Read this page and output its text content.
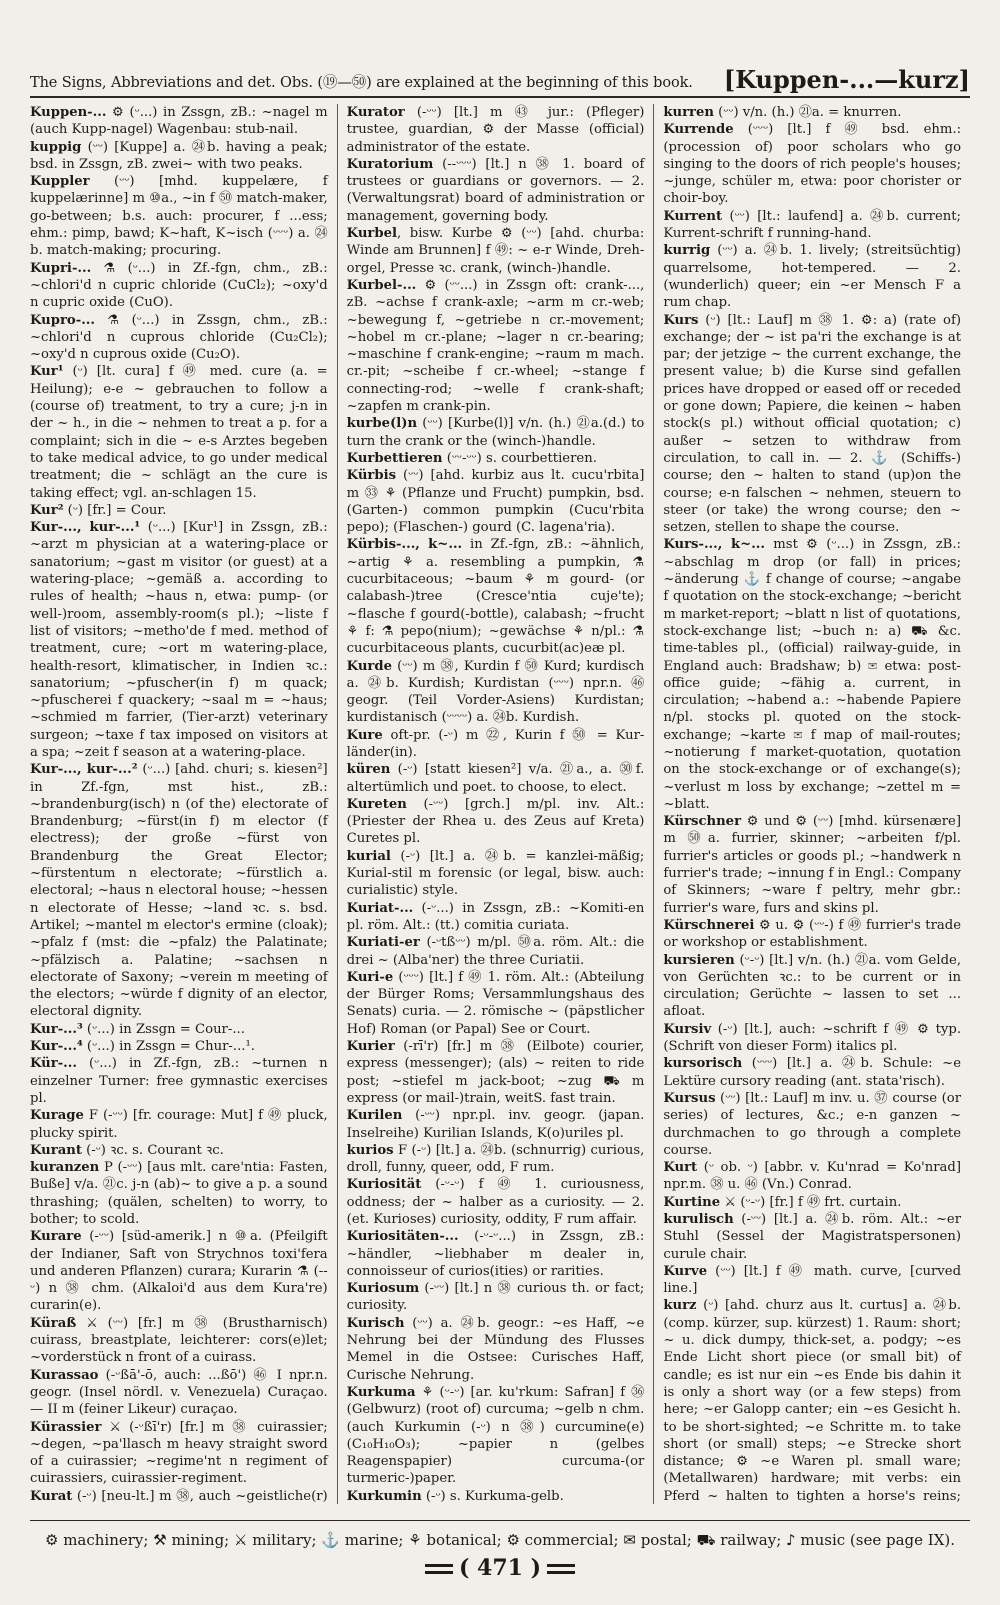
The Signs, Abbreviations and det. Obs. (⑲—㊿) are explained at the beginning of this book. [Kuppen-...—kurz]

Kuppen-... ⚙ (ᵕ...) in Zssgn, zB.: ~nagel m (auch Kupp-nagel) Wagenbau: stub-nail.

kuppig (ᵕᵕ) [Kuppe] a. ㉔b. having a peak; bsd. in Zssgn, zB. zwei~ with two peaks.

Kuppler (ᵕᵕ) [mhd. kuppelære, f kuppelærinne] m ⑩a., ~in f ㊿ match-maker, go-between; b.s. auch: procurer, f ...ess; ehm.: pimp, bawd; K~haft, K~isch (ᵕᵕᵕ) a. ㉔b. match-making; procuring.

Kupri-... ⚗ (ᵕ...) in Zf.-fgn, chm., zB.: ~chlori'd n cupric chloride (CuCl₂); ~oxy'd n cupric oxide (CuO).

Kupro-... ⚗ (ᵕ...) in Zssgn, chm., zB.: ~chlori'd n cuprous chloride (Cu₂Cl₂); ~oxy'd n cuprous oxide (Cu₂O).

Kur¹ (ᵕ) [lt. cura] f ㊾ med. cure (a. = Heilung); e-e ~ gebrauchen to follow a (course of) treatment, to try a cure; j-n in der ~ h., in die ~ nehmen to treat a p. for a complaint; sich in die ~ e-s Arztes begeben to take medical advice, to go under medical treatment; die ~ schlägt an the cure is taking effect; vgl. an-schlagen 15.

Kur² (ᵕ) [fr.] = Cour.

Kur-..., kur-...¹ (ᵕ...) [Kur¹] in Zssgn, zB.: ~arzt m physician at a watering-place or sanatorium; ~gast m visitor (or guest) at a watering-place; ~gemäß a. according to rules of health; ~haus n, etwa: pump- (or well-)room, assembly-room(s pl.); ~liste f list of visitors; ~metho'de f med. method of treatment, cure; ~ort m watering-place, health-resort, klimatischer, in Indien ꝛc.: sanatorium; ~pfuscher(in f) m quack; ~pfuscherei f quackery; ~saal m = ~haus; ~schmied m farrier, (Tier-arzt) veterinary surgeon; ~taxe f tax imposed on visitors at a spa; ~zeit f season at a watering-place.

Kur-..., kur-...² (ᵕ...) [ahd. churi; s. kiesen²] in Zf.-fgn, mst hist., zB.: ~brandenburg(isch) n (of the) electorate of Brandenburg; ~fürst(in f) m elector (f electress); der große ~fürst von Brandenburg the Great Elector; ~fürstentum n electorate; ~fürstlich a. electoral; ~haus n electoral house; ~hessen n electorate of Hesse; ~land ꝛc. s. bsd. Artikel; ~mantel m elector's ermine (cloak); ~pfalz f (mst: die ~pfalz) the Palatinate; ~pfälzisch a. Palatine; ~sachsen n electorate of Saxony; ~verein m meeting of the electors; ~würde f dignity of an elector, electoral dignity.

Kur-...³ (ᵕ...) in Zssgn = Cour-...

Kur-...⁴ (ᵕ...) in Zssgn = Chur-...¹.

Kür-... (ᵕ...) in Zf.-fgn, zB.: ~turnen n einzelner Turner: free gymnastic exercises pl.

Kurage F (-ᵕᵕ) [fr. courage: Mut] f ㊾ pluck, plucky spirit.

Kurant (-ᵕ) ꝛc. s. Courant ꝛc.

kuranzen P (-ᵕᵕ) [aus mlt. care'ntia: Fasten, Buße] v/a. ㉑c. j-n (ab)~ to give a p. a sound thrashing; (quälen, schelten) to worry, to bother; to scold.

Kurare (-ᵕᵕ) [süd-amerik.] n ⑩a. (Pfeilgift der Indianer, Saft von Strychnos toxi'fera und anderen Pflanzen) curara; Kurarin ⚗ (--ᵕ) n ㊳ chm. (Alkaloi'd aus dem Kura're) curarin(e).

Küraß ⚔ (ᵕᵕ) [fr.] m ㊳ (Brustharnisch) cuirass, breastplate, leichterer: cors(e)let; ~vorderstück n front of a cuirass.

Kurassao (-ᵕßā'-ō, auch: ...ßō') ㊻ I npr.n. geogr. (Insel nördl. v. Venezuela) Curaçao. — II m (feiner Likeur) curaçao.

Kürassier ⚔ (-ᵕßī'r) [fr.] m ㊳ cuirassier; ~degen, ~pa'llasch m heavy straight sword of a cuirassier; ~regime'nt n regiment of cuirassiers, cuirassier-regiment.

Kurat (-ᵕ) [neu-lt.] m ㊳, auch ~geistliche(r)

Kurator (-ᵕᵕ) [lt.] m ㊸ jur.: (Pfleger) trustee, guardian, ⚙ der Masse (official) administrator of the estate.

Kuratorium (--ᵕᵕᵕ) [lt.] n ㊳ 1. board of trustees or guardians or governors. — 2. (Verwaltungsrat) board of administration or management, governing body.

Kurbel, bisw. Kurbe ⚙ (ᵕᵕ) [ahd. churba: Winde am Brunnen] f ㊾: ~ e-r Winde, Dreh-orgel, Presse ꝛc. crank, (winch-)handle.

Kurbel-... ⚙ (ᵕᵕ...) in Zssgn oft: crank-..., zB. ~achse f crank-axle; ~arm m cr.-web; ~bewegung f, ~getriebe n cr.-movement; ~hobel m cr.-plane; ~lager n cr.-bearing; ~maschine f crank-engine; ~raum m mach. cr.-pit; ~scheibe f cr.-wheel; ~stange f connecting-rod; ~welle f crank-shaft; ~zapfen m crank-pin.

kurbe(l)n (ᵕᵕ) [Kurbe(l)] v/n. (h.) ㉑a.(d.) to turn the crank or the (winch-)handle.

Kurbettieren (ᵕᵕ-ᵕᵕ) s. courbettieren.

Kürbis (ᵕᵕ) [ahd. kurbiz aus lt. cucu'rbita] m ㉝ ⚘ (Pflanze und Frucht) pumpkin, bsd. (Garten-) common pumpkin (Cucu'rbita pepo); (Flaschen-) gourd (C. lagena'ria).

Kürbis-..., k~... in Zf.-fgn, zB.: ~ähnlich, ~artig ⚘ a. resembling a pumpkin, ⚗ cucurbitaceous; ~baum ⚘ m gourd- (or calabash-)tree (Cresce'ntia cuje'te); ~flasche f gourd(-bottle), calabash; ~frucht ⚘ f: ⚗ pepo(nium); ~gewächse ⚘ n/pl.: ⚗ cucurbitaceous plants, cucurbit(ac)eæ pl.

Kurde (ᵕᵕ) m ㊳, Kurdin f ㊿ Kurd; kurdisch a. ㉔b. Kurdish; Kurdistan (ᵕᵕᵕ) npr.n. ㊻ geogr. (Teil Vorder-Asiens) Kurdistan; kurdistanisch (ᵕᵕᵕᵕ) a. ㉔b. Kurdish.

Kure oft-pr. (-ᵕ) m ㉒, Kurin f ㊿ = Kur-länder(in).

küren (-ᵕ) [statt kiesen²] v/a. ㉑a., a. ㉚f. altertümlich und poet. to choose, to elect.

Kureten (-ᵕᵕ) [grch.] m/pl. inv. Alt.: (Priester der Rhea u. des Zeus auf Kreta) Curetes pl.

kurial (-ᵕ) [lt.] a. ㉔b. = kanzlei-mäßig; Kurial-stil m forensic (or legal, bisw. auch: curialistic) style.

Kuriat-... (-ᵕ...) in Zssgn, zB.: ~Komiti-en pl. röm. Alt.: (tt.) comitia curiata.

Kuriati-er (-ᵕtßᵕᵕ) m/pl. ㊿a. röm. Alt.: die drei ~ (Alba'ner) the three Curiatii.

Kuri-e (ᵕᵕᵕ) [lt.] f ㊾ 1. röm. Alt.: (Abteilung der Bürger Roms; Versammlungshaus des Senats) curia. — 2. römische ~ (päpstlicher Hof) Roman (or Papal) See or Court.

Kurier (-rī'r) [fr.] m ㊳ (Eilbote) courier, express (messenger); (als) ~ reiten to ride post; ~stiefel m jack-boot; ~zug ⛟ m express (or mail-)train, weitS. fast train.

Kurilen (-ᵕᵕ) npr.pl. inv. geogr. (japan. Inselreihe) Kurilian Islands, K(o)uriles pl.

kurios F (-ᵕ) [lt.] a. ㉔b. (schnurrig) curious, droll, funny, queer, odd, F rum.

Kuriosität (-ᵕ-ᵕ) f ㊾ 1. curiousness, oddness; der ~ halber as a curiosity. — 2. (et. Kurioses) curiosity, oddity, F rum affair.

Kuriositäten-... (-ᵕ-ᵕ...) in Zssgn, zB.: ~händler, ~liebhaber m dealer in, connoisseur of curios(ities) or rarities.

Kuriosum (-ᵕᵕ) [lt.] n ㊳ curious th. or fact; curiosity.

Kurisch (ᵕᵕ) a. ㉔b. geogr.: ~es Haff, ~e Nehrung bei der Mündung des Flusses Memel in die Ostsee: Curisches Haff, Curische Nehrung.

Kurkuma ⚘ (ᵕ-ᵕ) [ar. ku'rkum: Safran] f ㊱ (Gelbwurz) (root of) curcuma; ~gelb n chm. (auch Kurkumin (-ᵕ) n ㊳) curcumine(e) (C₁₀H₁₀O₃); ~papier n (gelbes Reagenspapier) curcuma-(or turmeric-)paper.

Kurkumin (-ᵕ) s. Kurkuma-gelb.

kurren (ᵕᵕ) v/n. (h.) ㉑a. = knurren.

Kurrende (ᵕᵕᵕ) [lt.] f ㊾ bsd. ehm.: (procession of) poor scholars who go singing to the doors of rich people's houses; ~junge, schüler m, etwa: poor chorister or choir-boy.

Kurrent (ᵕᵕ) [lt.: laufend] a. ㉔b. current; Kurrent-schrift f running-hand.

kurrig (ᵕᵕ) a. ㉔b. 1. lively; (streitsüchtig) quarrelsome, hot-tempered. — 2. (wunderlich) queer; ein ~er Mensch F a rum chap.

Kurs (ᵕ) [lt.: Lauf] m ㊳ 1. ⚙: a) (rate of) exchange; der ~ ist pa'ri the exchange is at par; der jetzige ~ the current exchange, the present value; b) die Kurse sind gefallen prices have dropped or eased off or receded or gone down; Papiere, die keinen ~ haben stock(s pl.) without official quotation; c) außer ~ setzen to withdraw from circulation, to call in. — 2. ⚓ (Schiffs-) course; den ~ halten to stand (up)on the course; e-n falschen ~ nehmen, steuern to steer (or take) the wrong course; den ~ setzen, stellen to shape the course.

Kurs-..., k~... mst ⚙ (ᵕ...) in Zssgn, zB.: ~abschlag m drop (or fall) in prices; ~änderung ⚓ f change of course; ~angabe f quotation on the stock-exchange; ~bericht m market-report; ~blatt n list of quotations, stock-exchange list; ~buch n: a) ⛟ &c. time-tables pl., (official) railway-guide, in England auch: Bradshaw; b) ✉ etwa: post-office guide; ~fähig a. current, in circulation; ~habend a.: ~habende Papiere n/pl. stocks pl. quoted on the stock-exchange; ~karte ✉ f map of mail-routes; ~notierung f market-quotation, quotation on the stock-exchange or of exchange(s); ~verlust m loss by exchange; ~zettel m = ~blatt.

Kürschner ⚙ und ⚙ (ᵕᵕ) [mhd. kürsenære] m ㊿a. furrier, skinner; ~arbeiten f/pl. furrier's articles or goods pl.; ~handwerk n furrier's trade; ~innung f in Engl.: Company of Skinners; ~ware f peltry, mehr gbr.: furrier's ware, furs and skins pl.

Kürschnerei ⚙ u. ⚙ (ᵕᵕ-) f ㊾ furrier's trade or workshop or establishment.

kursieren (ᵕ-ᵕ) [lt.] v/n. (h.) ㉑a. vom Gelde, von Gerüchten ꝛc.: to be current or in circulation; Gerüchte ~ lassen to set ... afloat.

Kursiv (-ᵕ) [lt.], auch: ~schrift f ㊾ ⚙ typ. (Schrift von dieser Form) italics pl.

kursorisch (ᵕᵕᵕ) [lt.] a. ㉔b. Schule: ~e Lektüre cursory reading (ant. stata'risch).

Kursus (ᵕᵕ) [lt.: Lauf] m inv. u. ㊲ course (or series) of lectures, &c.; e-n ganzen ~ durchmachen to go through a complete course.

Kurt (ᵕ ob. ᵕ) [abbr. v. Ku'nrad = Ko'nrad] npr.m. ㊳ u. ㊻ (Vn.) Conrad.

Kurtine ⚔ (ᵕ-ᵕ) [fr.] f ㊾ frt. curtain.

kurulisch (-ᵕᵕ) [lt.] a. ㉔b. röm. Alt.: ~er Stuhl (Sessel der Magistratspersonen) curule chair.

Kurve (ᵕᵕ) [lt.] f ㊾ math. curve, [curved line.]

kurz (ᵕ) [ahd. churz aus lt. curtus] a. ㉔b. (comp. kürzer, sup. kürzest) 1. Raum: short; ~ u. dick dumpy, thick-set, a. podgy; ~es Ende Licht short piece (or small bit) of candle; es ist nur ein ~es Ende bis dahin it is only a short way (or a few steps) from here; ~er Galopp canter; ein ~es Gesicht h. to be short-sighted; ~e Schritte m. to take short (or small) steps; ~e Strecke short distance; ⚙ ~e Waren pl. small ware; (Metallwaren) hardware; mit verbs: ein Pferd ~ halten to tighten a horse's reins;

⚙ machinery; ⚒ mining; ⚔ military; ⚓ marine; ⚘ botanical; ⚙ commercial; ✉ postal; ⛟ railway; ♪ music (see page IX).
( 471 )
